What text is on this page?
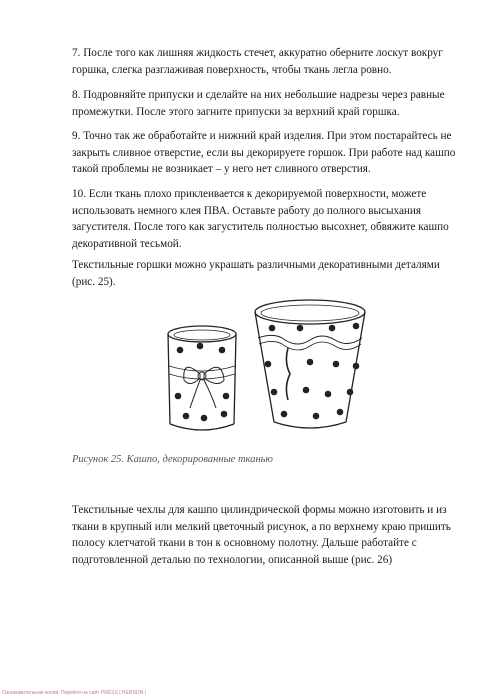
7. После того как лишняя жидкость стечет, аккуратно оберните лоскут вокруг горшка, слегка разглаживая поверхность, чтобы ткань легла ровно.

8. Подровняйте припуски и сделайте на них небольшие надрезы через равные промежутки. После этого загните припуски за верхний край горшка.

9. Точно так же обработайте и нижний край изделия. При этом постарайтесь не закрыть сливное отверстие, если вы декорируете горшок. При работе над кашпо такой проблемы не возникает – у него нет сливного отверстия.

10. Если ткань плохо приклеивается к декорируемой поверхности, можете использовать немного клея ПВА. Оставьте работу до полного высыхания загустителя. После того как загуститель полностью высохнет, обвяжите кашпо декоративной тесьмой.

Текстильные горшки можно украшать различными декоративными деталями (рис. 25).

Рисунок 25. Кашпо, декорированные тканью

Текстильные чехлы для кашпо цилиндрической формы можно изготовить и из ткани в крупный или мелкий цветочный рисунок, а по верхнему краю пришить полосу клетчатой ткани в тон к основному полотну. Дальше работайте с подготовленной деталью по технологии, описанной выше (рис. 26)

Ознакомительная копия. Перейти на сайт PRESS | HERSON |
